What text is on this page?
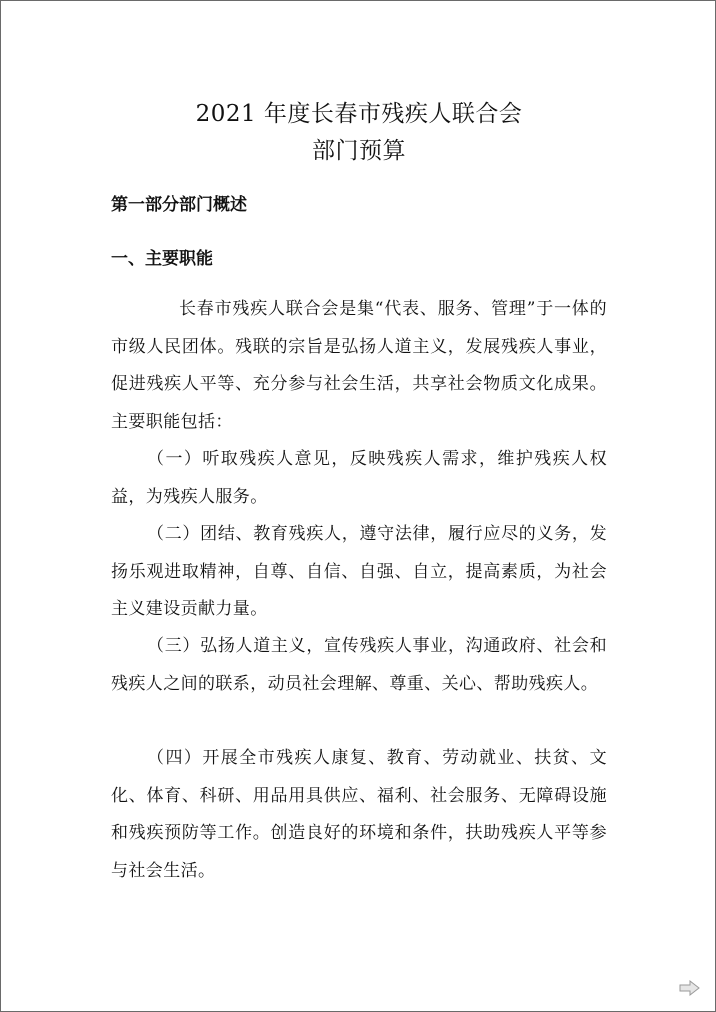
2021 年度长春市残疾人联合会
部门预算
第一部分部门概述
一、主要职能

长春市残疾人联合会是集“代表、服务、管理”于一体的市级人民团体。残联的宗旨是弘扬人道主义，发展残疾人事业，促进残疾人平等、充分参与社会生活，共享社会物质文化成果。主要职能包括：

（一）听取残疾人意见，反映残疾人需求，维护残疾人权益，为残疾人服务。

（二）团结、教育残疾人，遵守法律，履行应尽的义务，发扬乐观进取精神，自尊、自信、自强、自立，提高素质，为社会主义建设贡献力量。

（三）弘扬人道主义，宣传残疾人事业，沟通政府、社会和残疾人之间的联系，动员社会理解、尊重、关心、帮助残疾人。

（四）开展全市残疾人康复、教育、劳动就业、扶贫、文化、体育、科研、用品用具供应、福利、社会服务、无障碍设施和残疾预防等工作。创造良好的环境和条件，扶助残疾人平等参与社会生活。
